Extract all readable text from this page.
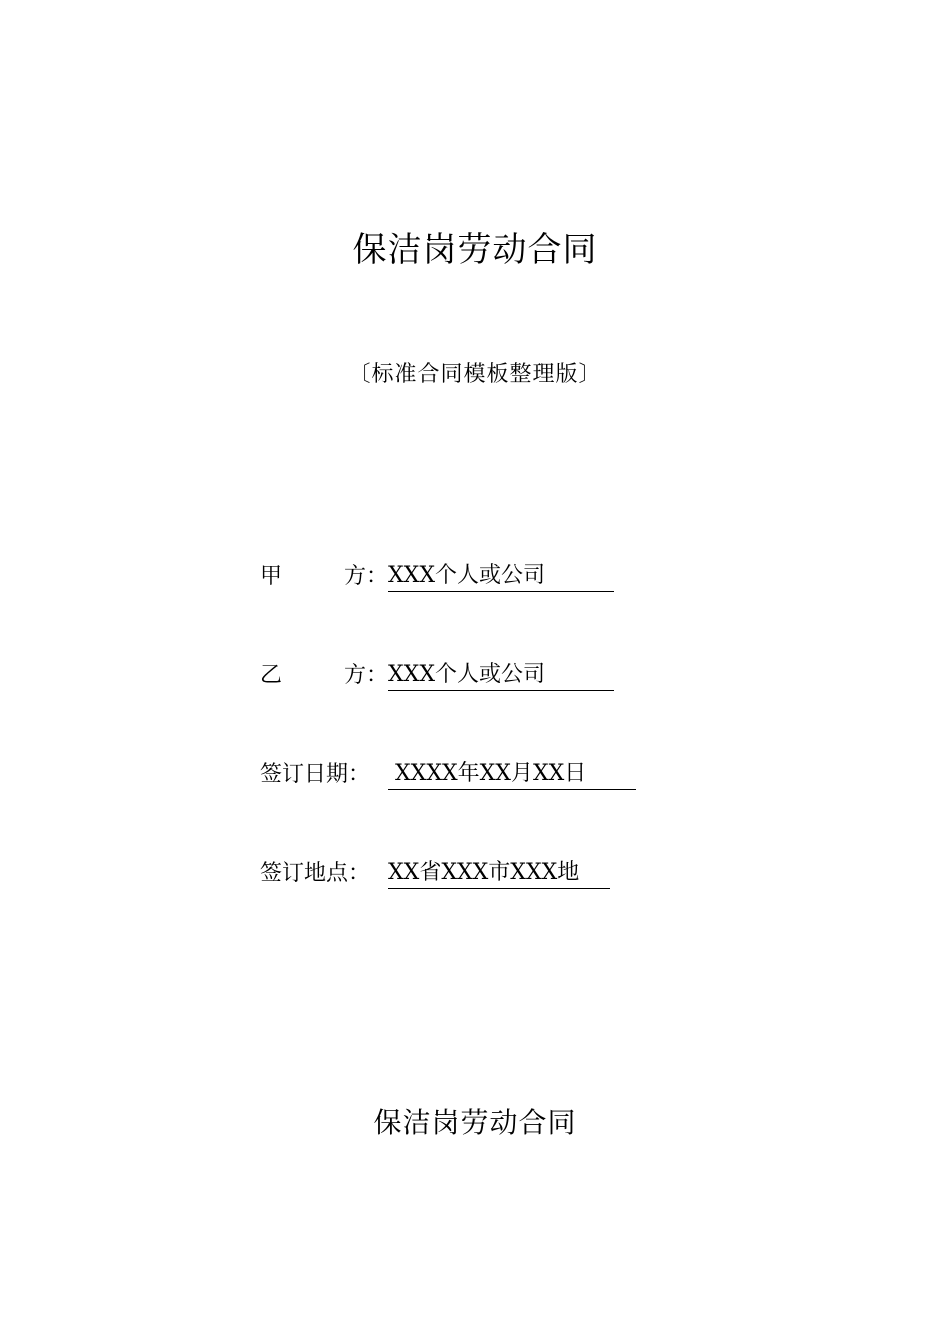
保洁岗劳动合同
〔标准合同模板整理版〕
甲	方： XXX个人或公司
乙	方： XXX个人或公司
签订日期： XXXX年XX月XX日
签订地点： XX省XXX市XXX地
保洁岗劳动合同
